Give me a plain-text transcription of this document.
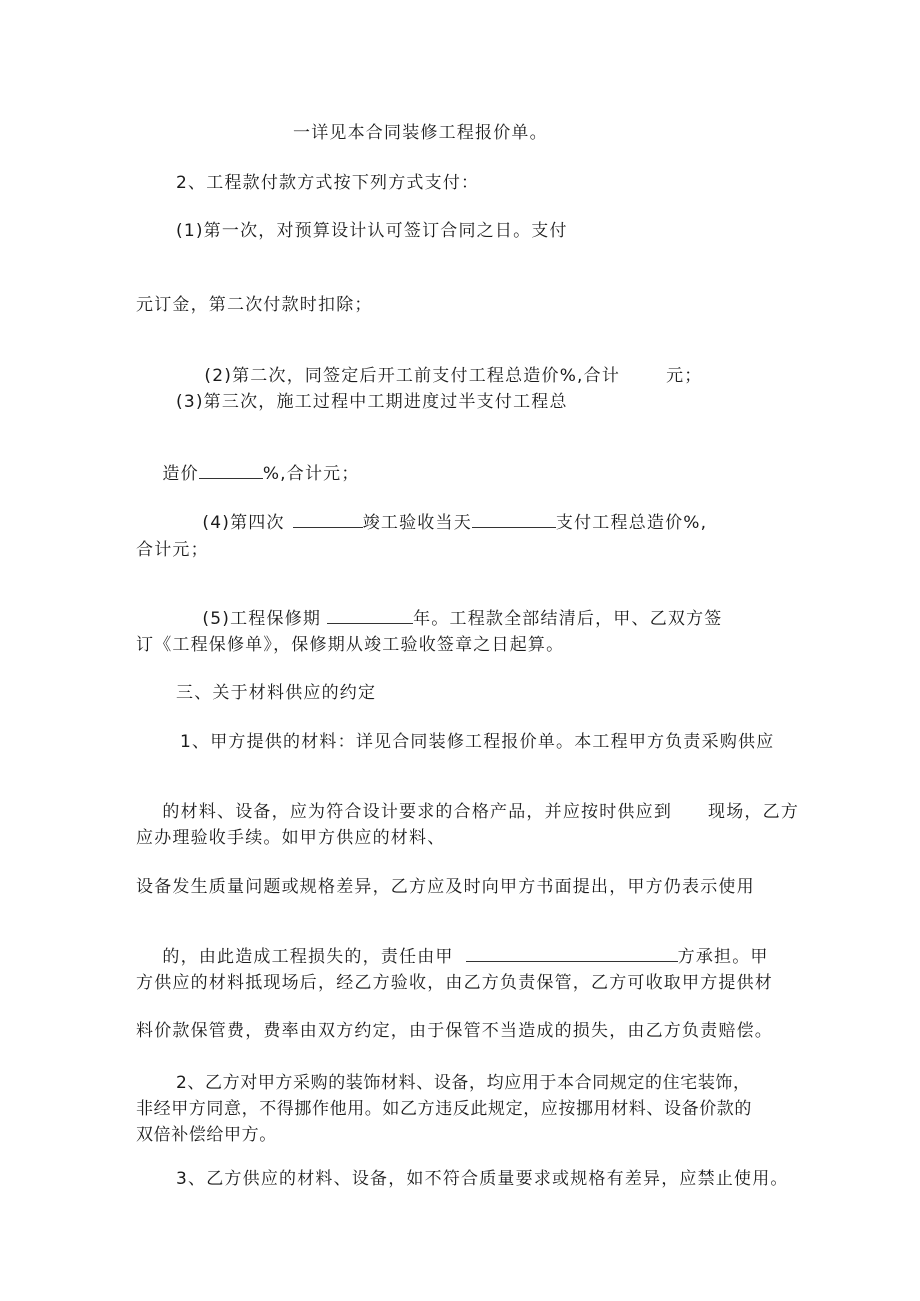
一详见本合同装修工程报价单。
2、工程款付款方式按下列方式支付：
(1)第一次，对预算设计认可签订合同之日。支付
元订金，第二次付款时扣除；

(2)第二次，同签定后开工前支付工程总造价%,合计	元；

(3)第三次，施工过程中工期进度过半支付工程总

造价	%,合计元；

(4)第四次	竣工验收当天	支付工程总造价%,

合计元；

(5)工程保修期	年。工程款全部结清后，甲、乙双方签

订《工程保修单》，保修期从竣工验收签章之日起算。
三、关于材料供应的约定
1、甲方提供的材料：详见合同装修工程报价单。本工程甲方负责采购供应

的材料、设备，应为符合设计要求的合格产品，并应按时供应到 现场，乙方

应办理验收手续。如甲方供应的材料、
设备发生质量问题或规格差异，乙方应及时向甲方书面提出，甲方仍表示使用

的，由此造成工程损失的，责任由甲	方承担。甲

方供应的材料抵现场后，经乙方验收，由乙方负责保管，乙方可收取甲方提供材
料价款保管费，费率由双方约定，由于保管不当造成的损失，由乙方负责赔偿。
2、乙方对甲方采购的装饰材料、设备，均应用于本合同规定的住宅装饰，
非经甲方同意，不得挪作他用。如乙方违反此规定，应按挪用材料、设备价款的
双倍补偿给甲方。
3、乙方供应的材料、设备，如不符合质量要求或规格有差异，应禁止使用。
